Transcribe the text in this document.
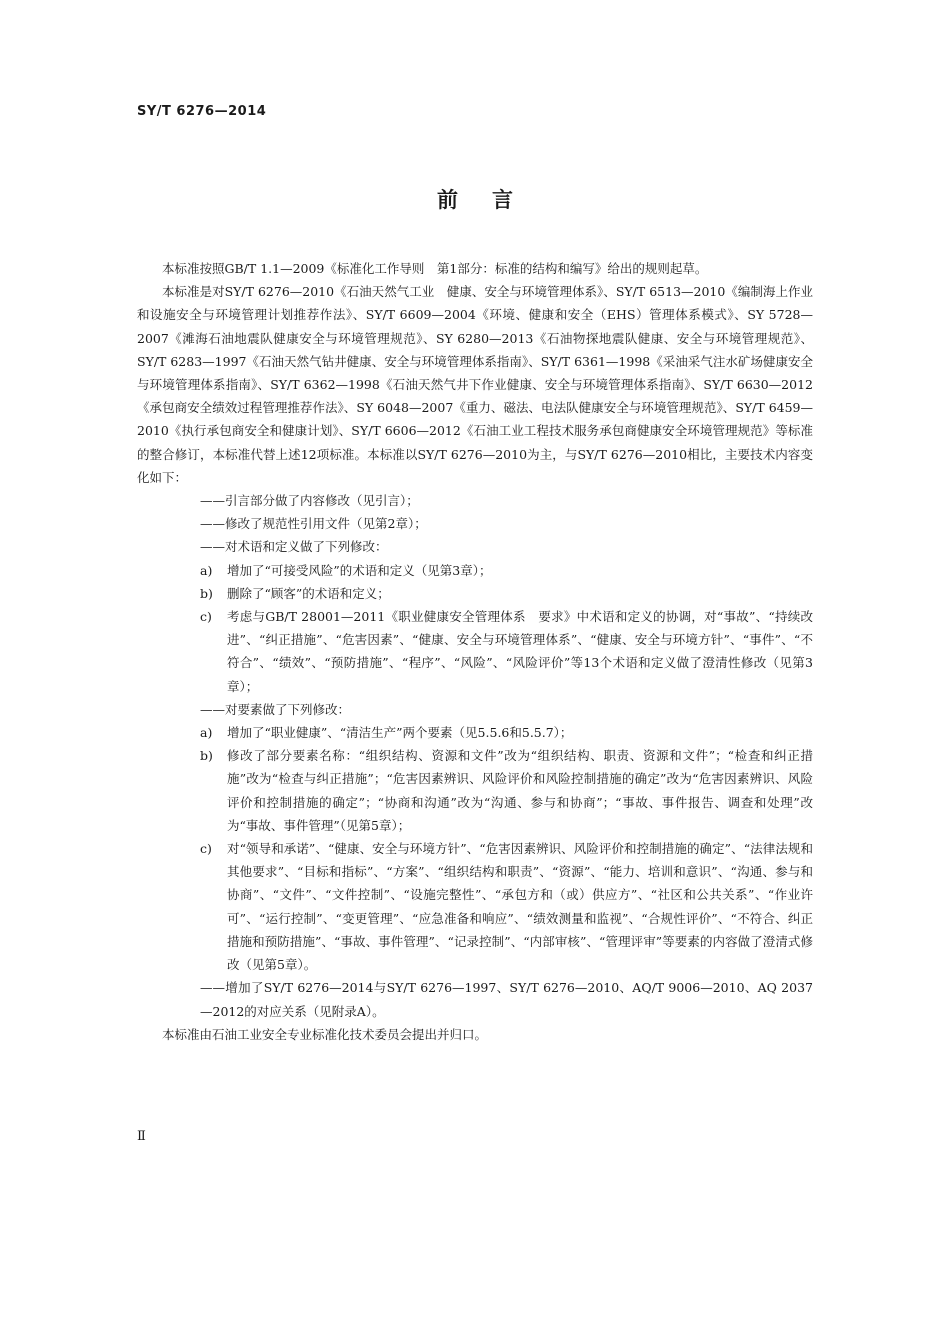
SY/T 6276—2014
前言

本标准按照GB/T 1.1—2009《标准化工作导则　第1部分：标准的结构和编写》给出的规则起草。

本标准是对SY/T 6276—2010《石油天然气工业　健康、安全与环境管理体系》、SY/T 6513—2010《编制海上作业和设施安全与环境管理计划推荐作法》、SY/T 6609—2004《环境、健康和安全（EHS）管理体系模式》、SY 5728—2007《滩海石油地震队健康安全与环境管理规范》、SY 6280—2013《石油物探地震队健康、安全与环境管理规范》、SY/T 6283—1997《石油天然气钻井健康、安全与环境管理体系指南》、SY/T 6361—1998《采油采气注水矿场健康安全与环境管理体系指南》、SY/T 6362—1998《石油天然气井下作业健康、安全与环境管理体系指南》、SY/T 6630—2012《承包商安全绩效过程管理推荐作法》、SY 6048—2007《重力、磁法、电法队健康安全与环境管理规范》、SY/T 6459—2010《执行承包商安全和健康计划》、SY/T 6606—2012《石油工业工程技术服务承包商健康安全环境管理规范》等标准的整合修订，本标准代替上述12项标准。本标准以SY/T 6276—2010为主，与SY/T 6276—2010相比，主要技术内容变化如下：

——引言部分做了内容修改（见引言）；

——修改了规范性引用文件（见第2章）；

——对术语和定义做了下列修改：

a) 增加了“可接受风险”的术语和定义（见第3章）；

b) 删除了“顾客”的术语和定义；

c) 考虑与GB/T 28001—2011《职业健康安全管理体系　要求》中术语和定义的协调，对“事故”、“持续改进”、“纠正措施”、“危害因素”、“健康、安全与环境管理体系”、“健康、安全与环境方针”、“事件”、“不符合”、“绩效”、“预防措施”、“程序”、“风险”、“风险评价”等13个术语和定义做了澄清性修改（见第3章）；

——对要素做了下列修改：

a) 增加了“职业健康”、“清洁生产”两个要素（见5.5.6和5.5.7）；

b) 修改了部分要素名称：“组织结构、资源和文件”改为“组织结构、职责、资源和文件”；“检查和纠正措施”改为“检查与纠正措施”；“危害因素辨识、风险评价和风险控制措施的确定”改为“危害因素辨识、风险评价和控制措施的确定”；“协商和沟通”改为“沟通、参与和协商”；“事故、事件报告、调查和处理”改为“事故、事件管理”（见第5章）；

c) 对“领导和承诺”、“健康、安全与环境方针”、“危害因素辨识、风险评价和控制措施的确定”、“法律法规和其他要求”、“目标和指标”、“方案”、“组织结构和职责”、“资源”、“能力、培训和意识”、“沟通、参与和协商”、“文件”、“文件控制”、“设施完整性”、“承包方和（或）供应方”、“社区和公共关系”、“作业许可”、“运行控制”、“变更管理”、“应急准备和响应”、“绩效测量和监视”、“合规性评价”、“不符合、纠正措施和预防措施”、“事故、事件管理”、“记录控制”、“内部审核”、“管理评审”等要素的内容做了澄清式修改（见第5章）。

——增加了SY/T 6276—2014与SY/T 6276—1997、SY/T 6276—2010、AQ/T 9006—2010、AQ 2037—2012的对应关系（见附录A）。

本标准由石油工业安全专业标准化技术委员会提出并归口。

Ⅱ
